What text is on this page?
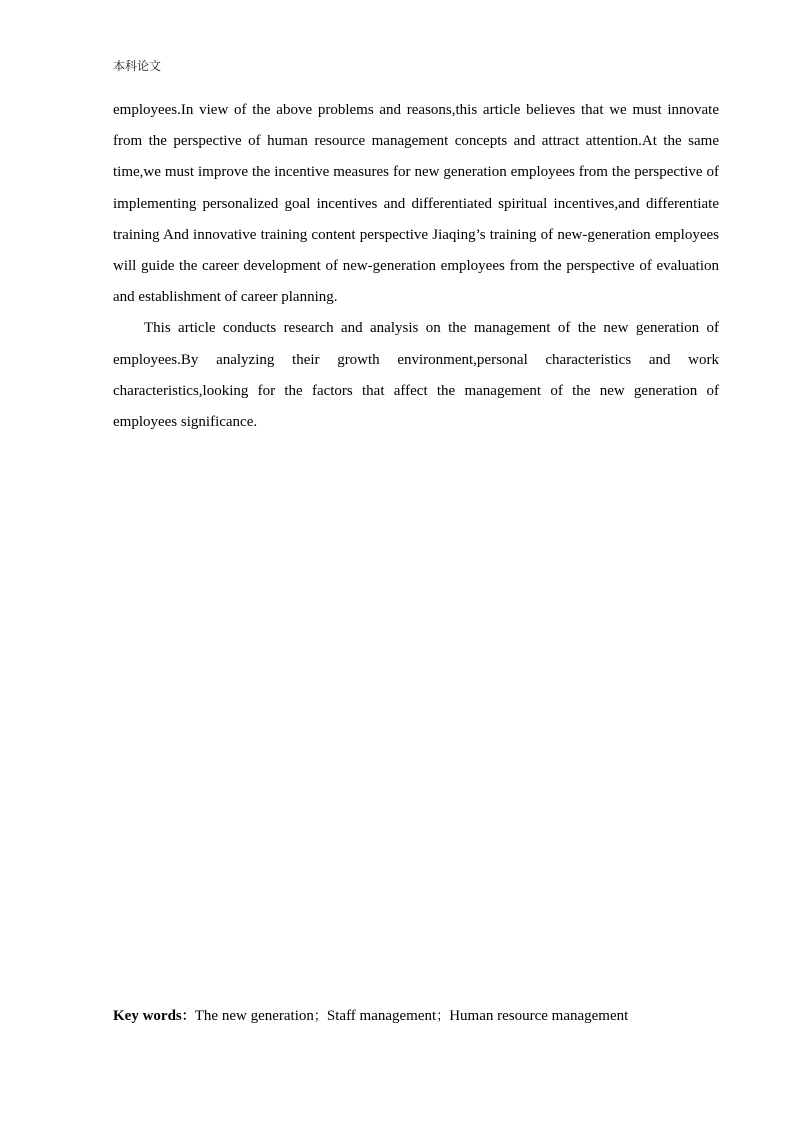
本科论文

employees.In view of the above problems and reasons,this article believes that we must innovate from the perspective of human resource management concepts and attract attention.At the same time,we must improve the incentive measures for new generation employees from the perspective of implementing personalized goal incentives and differentiated spiritual incentives,and differentiate training And innovative training content perspective Jiaqing’s training of new-generation employees will guide the career development of new-generation employees from the perspective of evaluation and establishment of career planning.

This article conducts research and analysis on the management of the new generation of employees.By analyzing their growth environment,personal characteristics and work characteristics,looking for the factors that affect the management of the new generation of employees significance.

Key words：The new generation；Staff management；Human resource management
